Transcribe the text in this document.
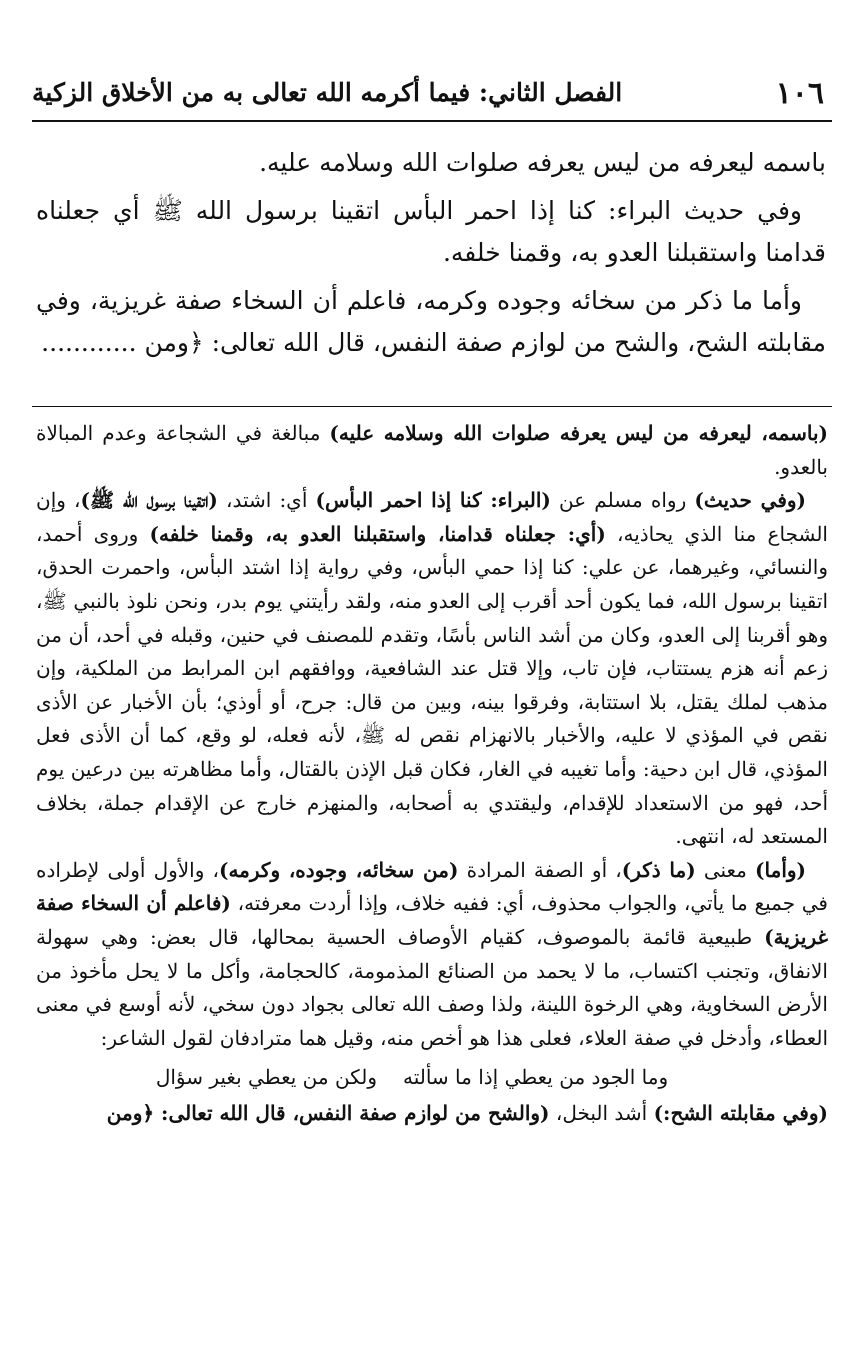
١٠٦
الفصل الثاني: فيما أكرمه الله تعالى به من الأخلاق الزكية

باسمه ليعرفه من ليس يعرفه صلوات الله وسلامه عليه.

وفي حديث البراء: كنا إذا احمر البأس اتقينا برسول الله ﷺ أي جعلناه قدامنا واستقبلنا العدو به، وقمنا خلفه.

وأما ما ذكر من سخائه وجوده وكرمه، فاعلم أن السخاء صفة غريزية، وفي مقابلته الشح، والشح من لوازم صفة النفس، قال الله تعالى: ﴿ومن ............

(باسمه، ليعرفه من ليس يعرفه صلوات الله وسلامه عليه) مبالغة في الشجاعة وعدم المبالاة بالعدو.

(وفي حديث) رواه مسلم عن (البراء: كنا إذا احمر البأس) أي: اشتد، (اتقينا برسول الله ﷺ)، وإن الشجاع منا الذي يحاذيه، (أي: جعلناه قدامنا، واستقبلنا العدو به، وقمنا خلفه) وروى أحمد، والنسائي، وغيرهما، عن علي: كنا إذا حمي البأس، وفي رواية إذا اشتد البأس، واحمرت الحدق، اتقينا برسول الله، فما يكون أحد أقرب إلى العدو منه، ولقد رأيتني يوم بدر، ونحن نلوذ بالنبي ﷺ، وهو أقربنا إلى العدو، وكان من أشد الناس بأسًا، وتقدم للمصنف في حنين، وقبله في أحد، أن من زعم أنه هزم يستتاب، فإن تاب، وإلا قتل عند الشافعية، ووافقهم ابن المرابط من الملكية، وإن مذهب لملك يقتل، بلا استتابة، وفرقوا بينه، وبين من قال: جرح، أو أوذي؛ بأن الأخبار عن الأذى نقص في المؤذي لا عليه، والأخبار بالانهزام نقص له ﷺ، لأنه فعله، لو وقع، كما أن الأذى فعل المؤذي، قال ابن دحية: وأما تغيبه في الغار، فكان قبل الإذن بالقتال، وأما مظاهرته بين درعين يوم أحد، فهو من الاستعداد للإقدام، وليقتدي به أصحابه، والمنهزم خارج عن الإقدام جملة، بخلاف المستعد له، انتهى.

(وأما) معنى (ما ذكر)، أو الصفة المرادة (من سخائه، وجوده، وكرمه)، والأول أولى لإطراده في جميع ما يأتي، والجواب محذوف، أي: ففيه خلاف، وإذا أردت معرفته، (فاعلم أن السخاء صفة غريزية) طبيعية قائمة بالموصوف، كقيام الأوصاف الحسية بمحالها، قال بعض: وهي سهولة الانفاق، وتجنب اكتساب، ما لا يحمد من الصنائع المذمومة، كالحجامة، وأكل ما لا يحل مأخوذ من الأرض السخاوية، وهي الرخوة اللينة، ولذا وصف الله تعالى بجواد دون سخي، لأنه أوسع في معنى العطاء، وأدخل في صفة العلاء، فعلى هذا هو أخص منه، وقيل هما مترادفان لقول الشاعر:

وما الجود من يعطي إذا ما سألتهولكن من يعطي بغير سؤال

(وفي مقابلته الشح:) أشد البخل، (والشح من لوازم صفة النفس، قال الله تعالى: ﴿ومن
